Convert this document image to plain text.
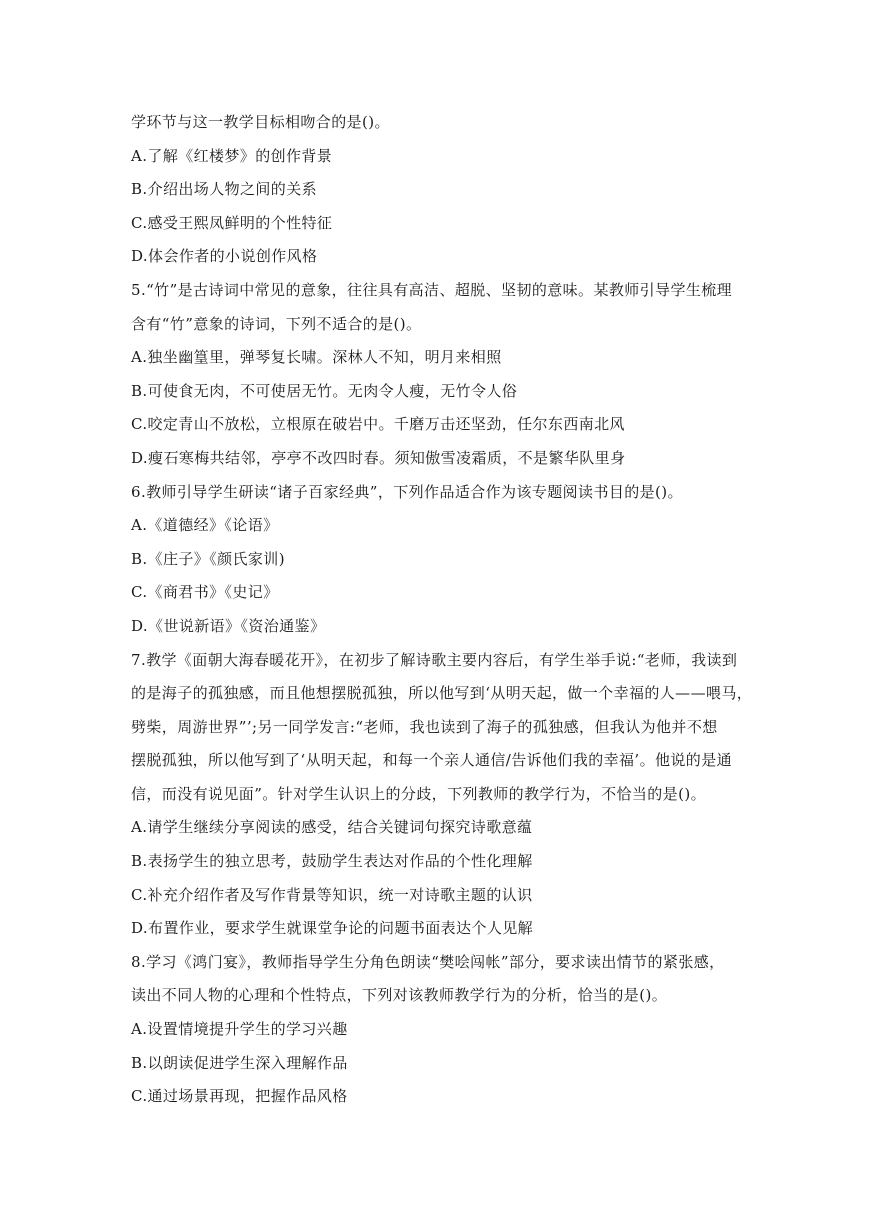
学环节与这一教学目标相吻合的是()。
A.了解《红楼梦》的创作背景
B.介绍出场人物之间的关系
C.感受王熙凤鲜明的个性特征
D.体会作者的小说创作风格
5.“竹”是古诗词中常见的意象，往往具有高洁、超脱、坚韧的意味。某教师引导学生梳理
含有“竹”意象的诗词，下列不适合的是()。
A.独坐幽篁里，弹琴复长啸。深林人不知，明月来相照
B.可使食无肉，不可使居无竹。无肉令人瘦，无竹令人俗
C.咬定青山不放松，立根原在破岩中。千磨万击还坚劲，任尔东西南北风
D.瘦石寒梅共结邻，亭亭不改四时春。须知傲雪凌霜质，不是繁华队里身
6.教师引导学生研读“诸子百家经典”，下列作品适合作为该专题阅读书目的是()。
A.《道德经》《论语》
B.《庄子》《颜氏家训)
C.《商君书》《史记》
D.《世说新语》《资治通鉴》
7.教学《面朝大海春暖花开》，在初步了解诗歌主要内容后，有学生举手说:“老师，我读到
的是海子的孤独感，而且他想摆脱孤独，所以他写到‘从明天起，做一个幸福的人——喂马，
劈柴，周游世界”’;另一同学发言:“老师，我也读到了海子的孤独感，但我认为他并不想
摆脱孤独，所以他写到了‘从明天起，和每一个亲人通信/告诉他们我的幸福’。他说的是通
信，而没有说见面”。针对学生认识上的分歧，下列教师的教学行为，不恰当的是()。
A.请学生继续分享阅读的感受，结合关键词句探究诗歌意蕴
B.表扬学生的独立思考，鼓励学生表达对作品的个性化理解
C.补充介绍作者及写作背景等知识，统一对诗歌主题的认识
D.布置作业，要求学生就课堂争论的问题书面表达个人见解
8.学习《鸿门宴》，教师指导学生分角色朗读“樊哙闯帐”部分，要求读出情节的紧张感，
读出不同人物的心理和个性特点，下列对该教师教学行为的分析，恰当的是()。
A.设置情境提升学生的学习兴趣
B.以朗读促进学生深入理解作品
C.通过场景再现，把握作品风格
